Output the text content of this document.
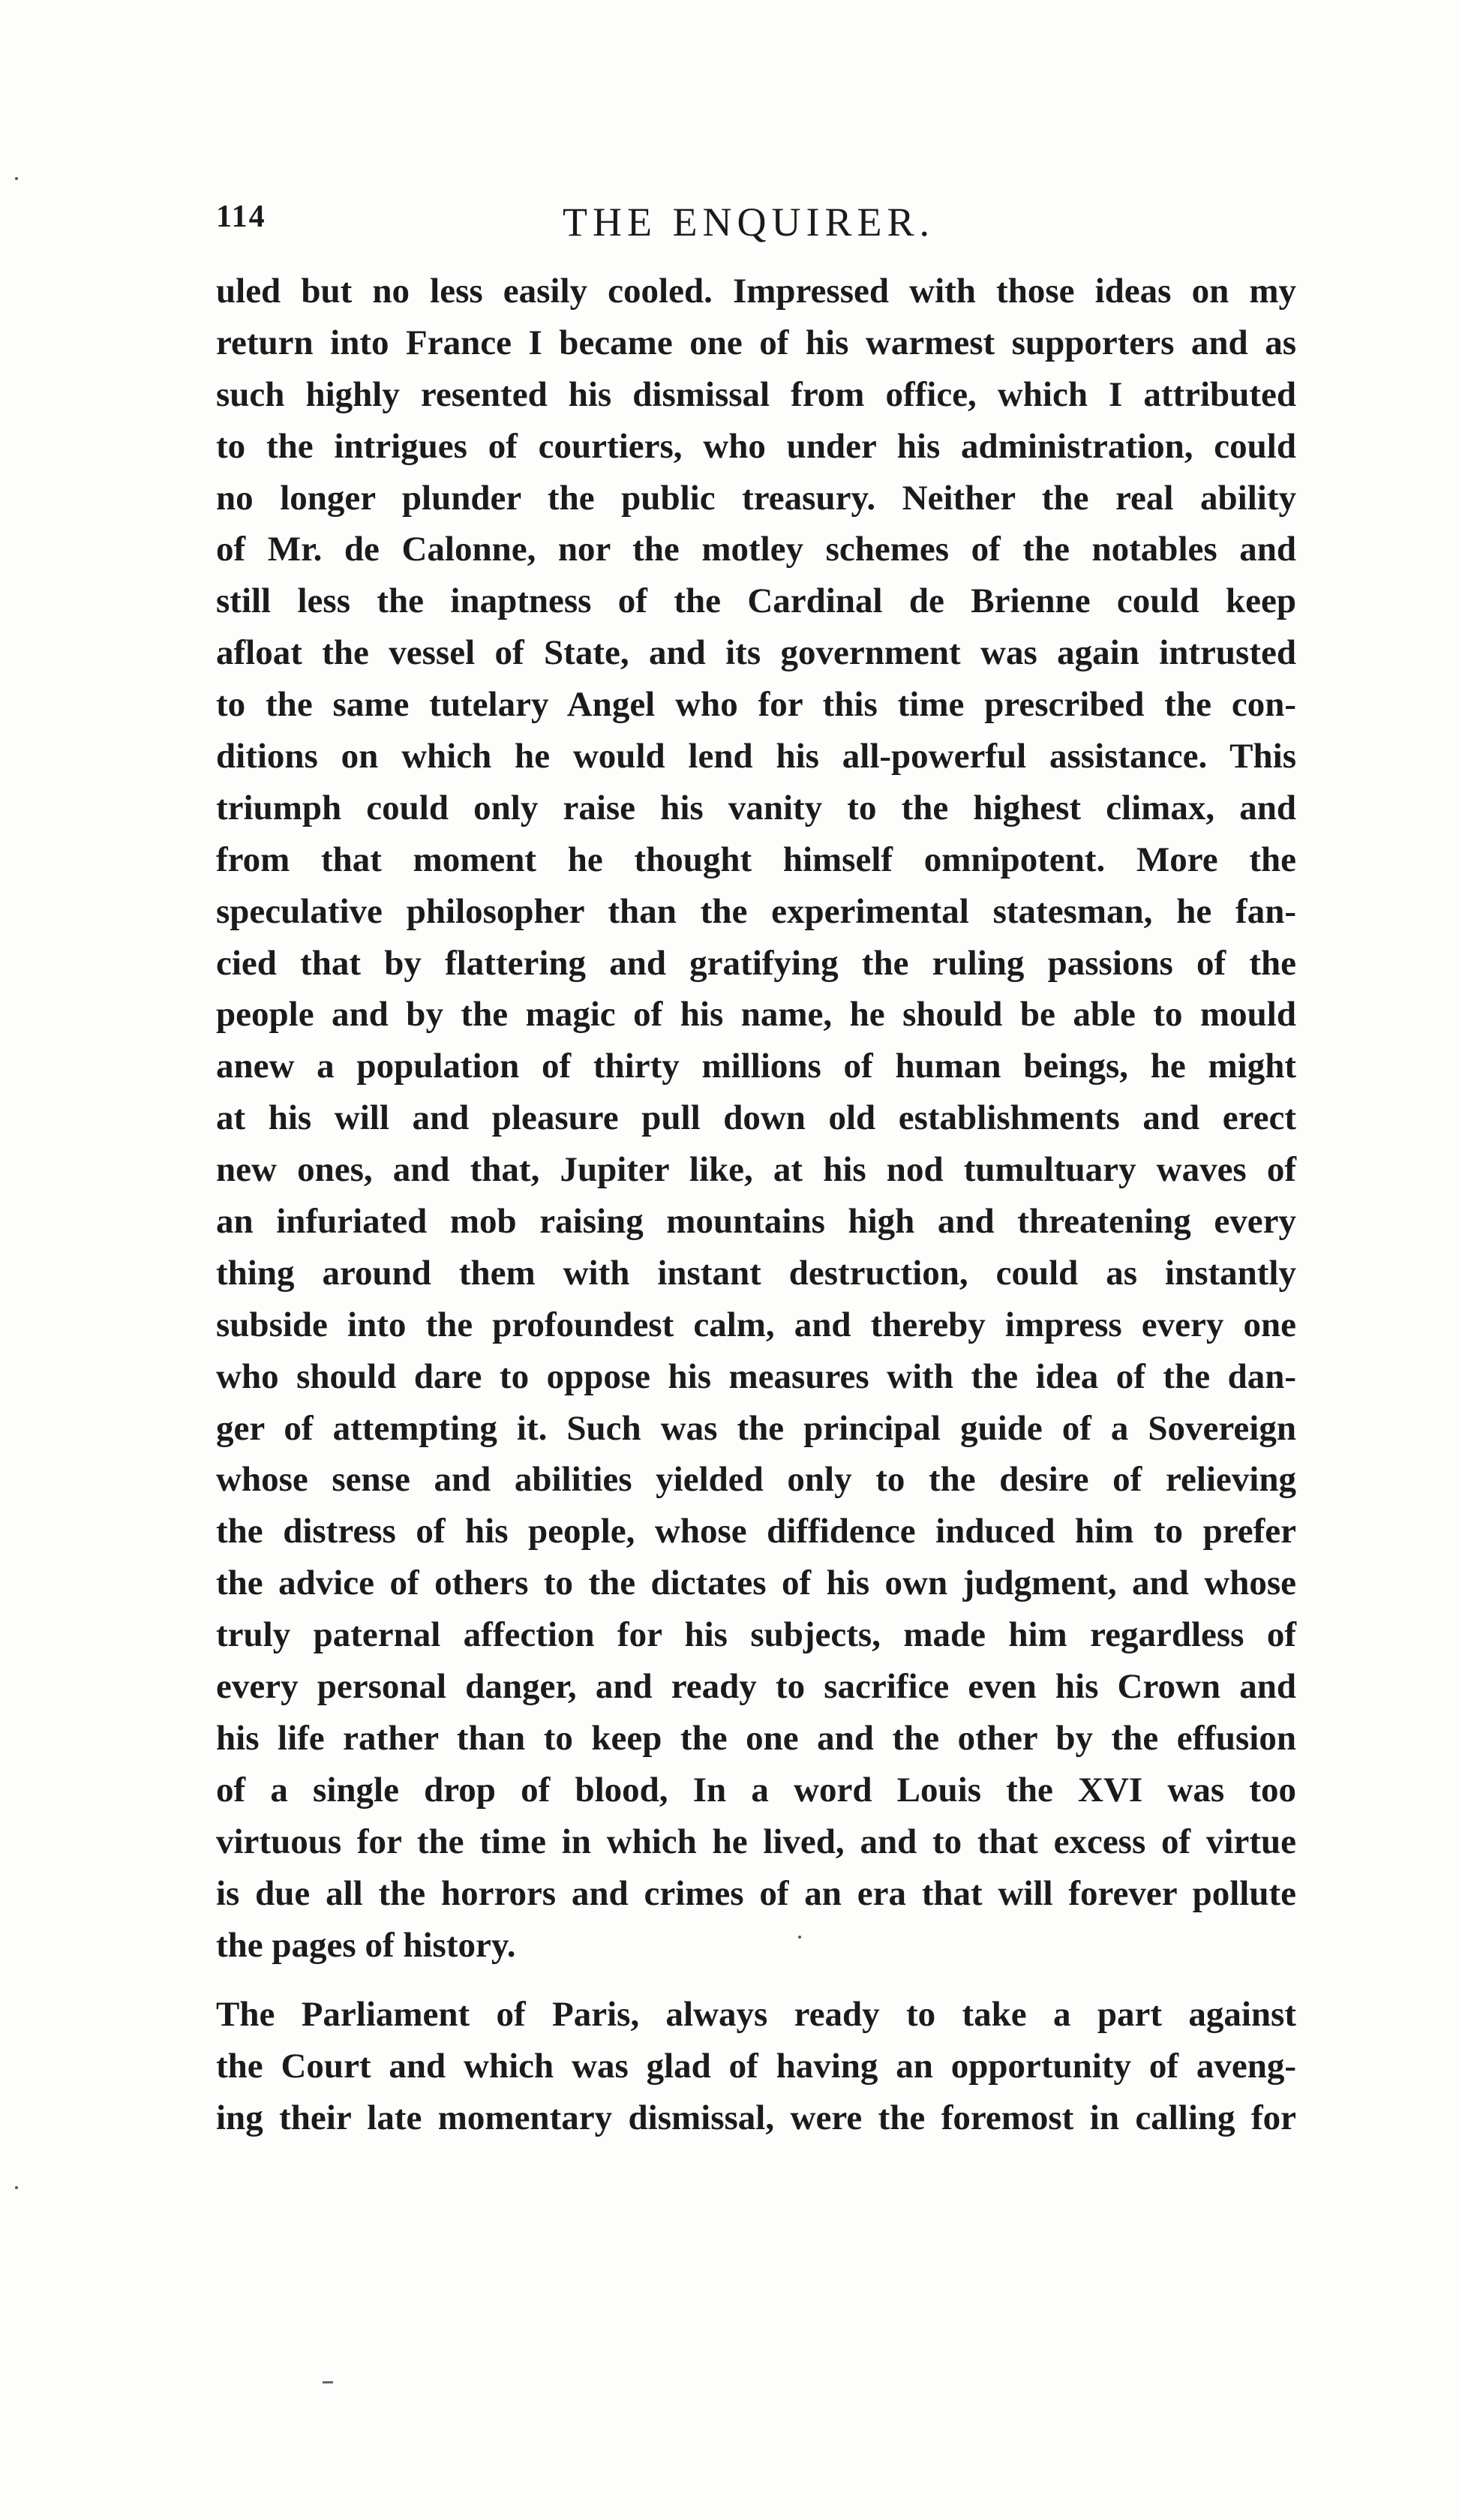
114	THE ENQUIRER.
uled but no less easily cooled. Impressed with those ideas on my
return into France I became one of his warmest supporters and as
such highly resented his dismissal from office, which I attributed
to the intrigues of courtiers, who under his administration, could
no longer plunder the public treasury. Neither the real ability
of Mr. de Calonne, nor the motley schemes of the notables and
still less the inaptness of the Cardinal de Brienne could keep
afloat the vessel of State, and its government was again intrusted
to the same tutelary Angel who for this time prescribed the con-
ditions on which he would lend his all-powerful assistance. This
triumph could only raise his vanity to the highest climax, and
from that moment he thought himself omnipotent. More the
speculative philosopher than the experimental statesman, he fan-
cied that by flattering and gratifying the ruling passions of the
people and by the magic of his name, he should be able to mould
anew a population of thirty millions of human beings, he might
at his will and pleasure pull down old establishments and erect
new ones, and that, Jupiter like, at his nod tumultuary waves of
an infuriated mob raising mountains high and threatening every
thing around them with instant destruction, could as instantly
subside into the profoundest calm, and thereby impress every one
who should dare to oppose his measures with the idea of the dan-
ger of attempting it. Such was the principal guide of a Sovereign
whose sense and abilities yielded only to the desire of relieving
the distress of his people, whose diffidence induced him to prefer
the advice of others to the dictates of his own judgment, and whose
truly paternal affection for his subjects, made him regardless of
every personal danger, and ready to sacrifice even his Crown and
his life rather than to keep the one and the other by the effusion
of a single drop of blood, In a word Louis the XVI was too
virtuous for the time in which he lived, and to that excess of virtue
is due all the horrors and crimes of an era that will forever pollute
the pages of history.
The Parliament of Paris, always ready to take a part against
the Court and which was glad of having an opportunity of aveng-
ing their late momentary dismissal, were the foremost in calling for
